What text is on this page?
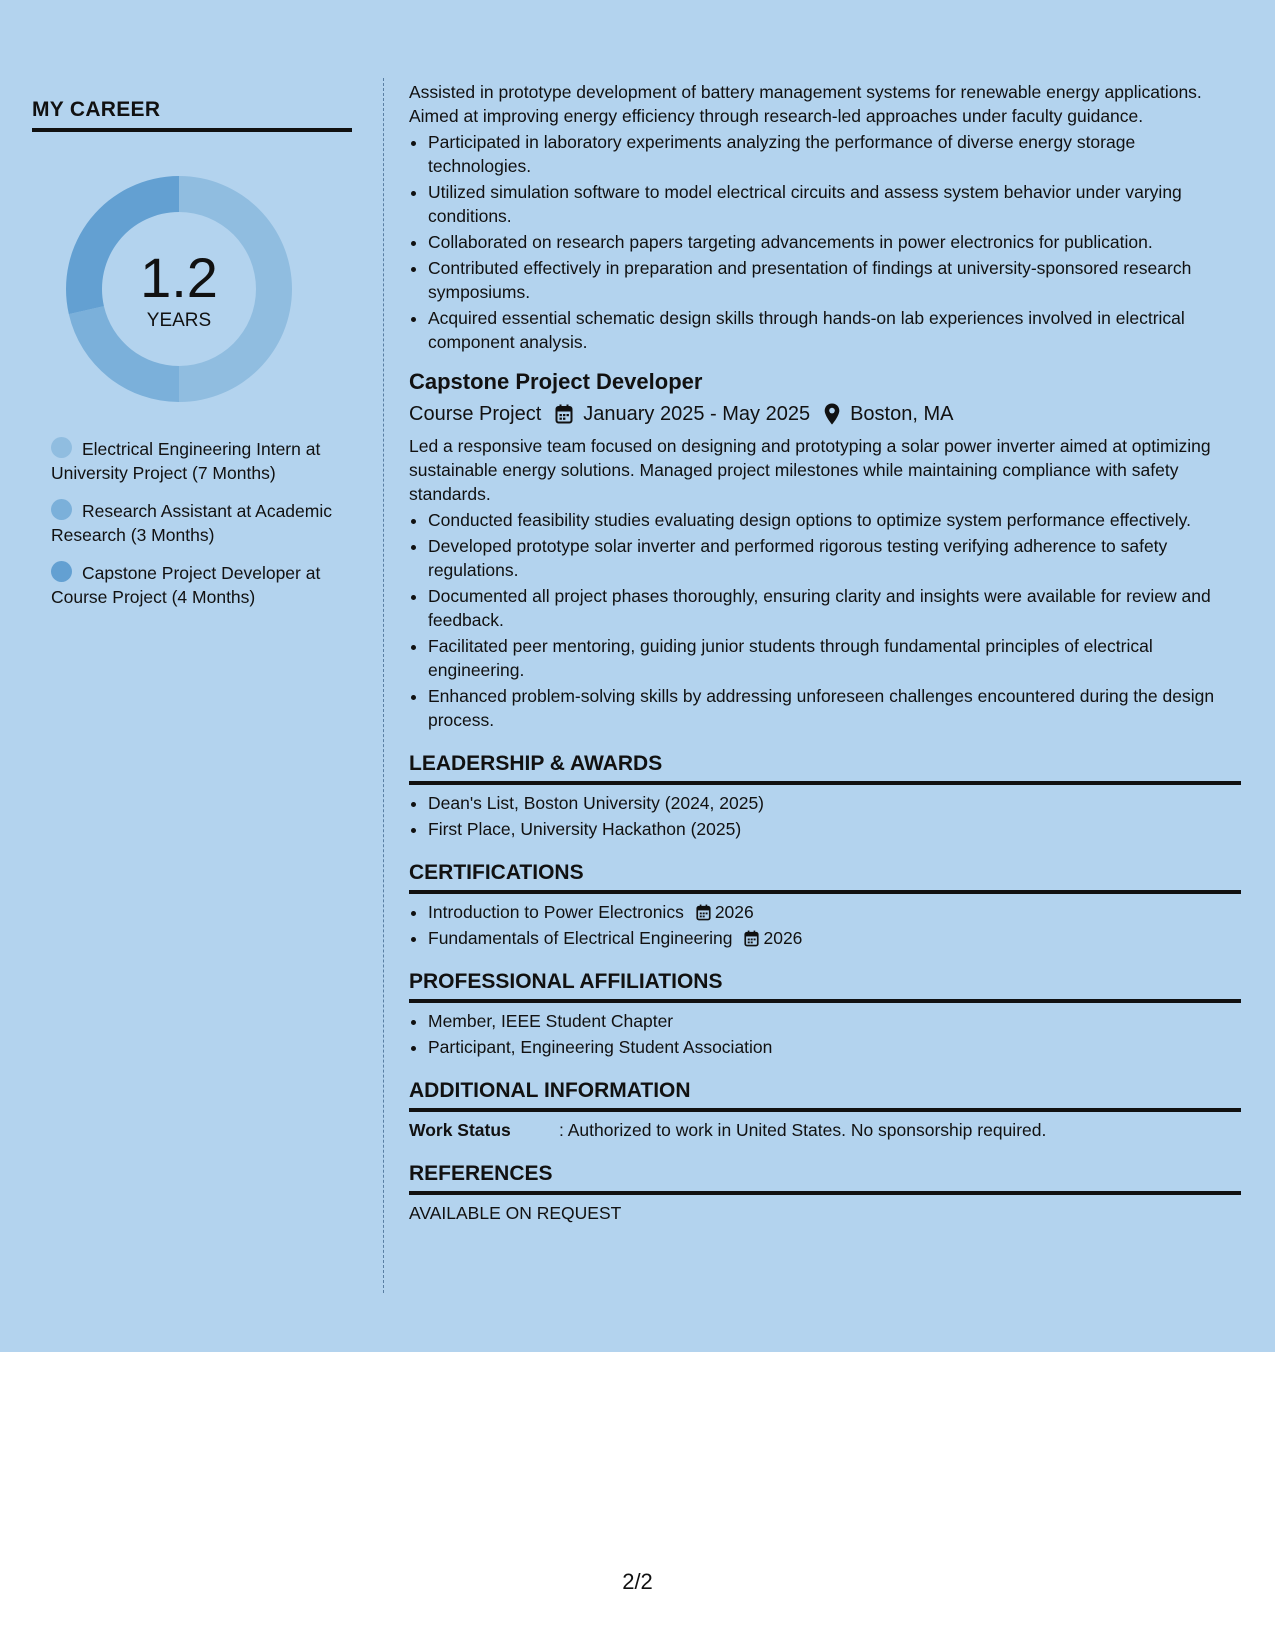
MY CAREER
1.2
YEARS
Electrical Engineering Intern at University Project (7 Months)
Research Assistant at Academic Research (3 Months)
Capstone Project Developer at Course Project (4 Months)

Assisted in prototype development of battery management systems for renewable energy applications. Aimed at improving energy efficiency through research-led approaches under faculty guidance.

• Participated in laboratory experiments analyzing the performance of diverse energy storage technologies.
• Utilized simulation software to model electrical circuits and assess system behavior under varying conditions.
• Collaborated on research papers targeting advancements in power electronics for publication.
• Contributed effectively in preparation and presentation of findings at university-sponsored research symposiums.
• Acquired essential schematic design skills through hands-on lab experiences involved in electrical component analysis.
Capstone Project Developer
Course Project January 2025 - May 2025 Boston, MA

Led a responsive team focused on designing and prototyping a solar power inverter aimed at optimizing sustainable energy solutions. Managed project milestones while maintaining compliance with safety standards.

• Conducted feasibility studies evaluating design options to optimize system performance effectively.
• Developed prototype solar inverter and performed rigorous testing verifying adherence to safety regulations.
• Documented all project phases thoroughly, ensuring clarity and insights were available for review and feedback.
• Facilitated peer mentoring, guiding junior students through fundamental principles of electrical engineering.
• Enhanced problem-solving skills by addressing unforeseen challenges encountered during the design process.
LEADERSHIP & AWARDS
• Dean's List, Boston University (2024, 2025)
• First Place, University Hackathon (2025)
CERTIFICATIONS
• Introduction to Power Electronics 2026
• Fundamentals of Electrical Engineering 2026
PROFESSIONAL AFFILIATIONS
• Member, IEEE Student Chapter
• Participant, Engineering Student Association
ADDITIONAL INFORMATION
Work Status	: Authorized to work in United States. No sponsorship required.
REFERENCES
AVAILABLE ON REQUEST
2/2
